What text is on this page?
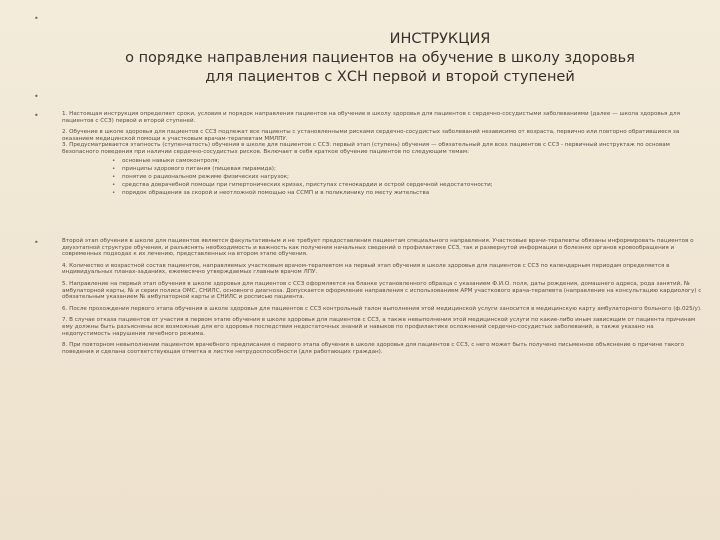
•
•
•
•
ИНСТРУКЦИЯ
о порядке направления пациентов на обучение в школу здоровья
для пациентов с ХСН первой и второй ступеней

1. Настоящая инструкция определяет сроки, условия и порядок направления пациентов на обучение в школу здоровья для пациентов с сердечно-сосудистыми заболеваниями (далее — школа здоровья для пациентов с ССЗ) первой и второй ступеней.

2. Обучение в школе здоровья для пациентов с ССЗ подлежат все пациенты с установленными рисками сердечно-сосудистых заболеваний независимо от возраста, первично или повторно обратившиеся за оказанием медицинской помощи к участковым врачам-терапевтам ММЛПУ.

3. Предусматривается этапность (ступенчатость) обучения в школе для пациентов с ССЗ: первый этап (ступень) обучения — обязательный для всех пациентов с ССЗ - первичный инструктаж по основам безопасного поведения при наличии сердечно-сосудистых рисков. Включает в себя краткое обучение пациентов по следующим темам:

• основные навыки самоконтроля;
• принципы здорового питания (пищевая пирамида);
• понятие о рациональном режиме физических нагрузок;
• средства доврачебной помощи при гипертонических кризах, приступах стенокардии и острой сердечной недостаточности;
• порядок обращения за скорой и неотложной помощью на ССМП и в поликлинику по месту жительства

Второй этап обучения в школе для пациентов является факультативным и не требует предоставления пациентам специального направления. Участковые врачи-терапевты обязаны информировать пациентов о двухэтапной структуре обучения, и разъяснять необходимость и важность как получения начальных сведений о профилактике ССЗ, так и развернутой информации о болезнях органов кровообращения и современных подходах к их лечению, представленных на втором этапе обучения.

4. Количество и возрастной состав пациентов, направляемых участковым врачом-терапевтом на первый этап обучения в школе здоровья для пациентов с ССЗ по календарным периодам определяется в индивидуальных планах-заданиях, ежемесячно утверждаемых главным врачом ЛПУ.

5. Направление на первый этап обучения в школе здоровья для пациентов с ССЗ оформляется на бланке установленного образца с указанием Ф.И.О. поля, даты рождения, домашнего адреса, рода занятий, № амбулаторной карты, № и серии полиса ОМС, СНИЛС, основного диагноза. Допускается оформление направления с использованием АРМ участкового врача-терапевта (направление на консультацию кардиологу) с обязательным указанием № амбулаторной карты и СНИЛС и росписью пациента.

6. После прохождения первого этапа обучения в школе здоровья для пациентов с ССЗ контрольный талон выполнения этой медицинской услуги заносится в медицинскую карту амбулаторного больного (ф.025/у).

7. В случае отказа пациентов от участия в первом этапе обучения в школе здоровья для пациентов с ССЗ, а также невыполнения этой медицинской услуги по какие-либо иным зависящим от пациента причинам ему должны быть разъяснены все возможные для его здоровья последствия недостаточных знаний и навыков по профилактике осложнений сердечно-сосудистых заболеваний, а также указано на недопустимость нарушения лечебного режима.

8. При повторном невыполнении пациентом врачебного предписания о первого этапа обучения в школе здоровья для пациентов с ССЗ, с него может быть получено письменное объяснение о причине такого поведения и сделана соответствующая отметка в листке нетрудоспособности (для работающих граждан).
